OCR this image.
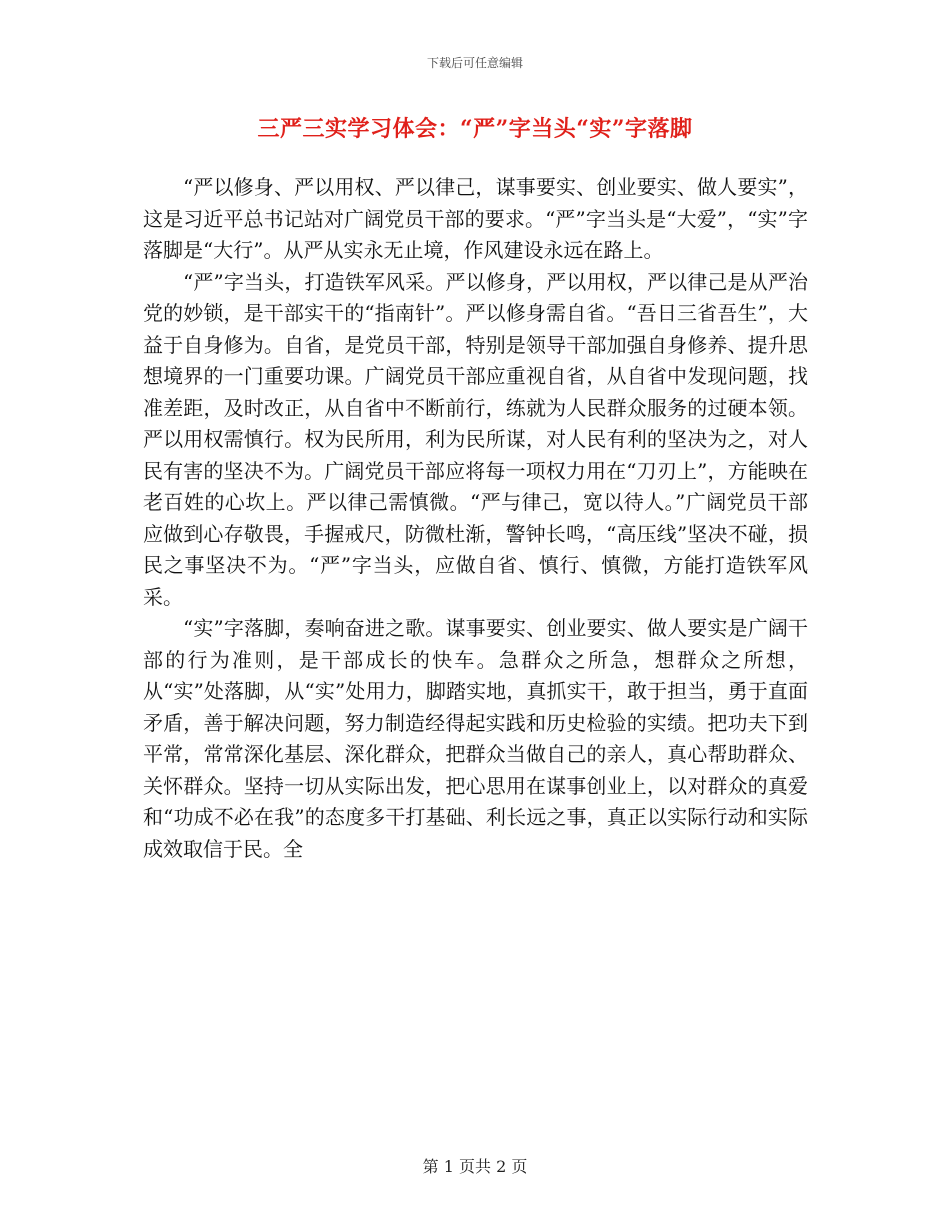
下载后可任意编辑
三严三实学习体会：“严”字当头“实”字落脚

“严以修身、严以用权、严以律己，谋事要实、创业要实、做人要实”，这是习近平总书记站对广阔党员干部的要求。“严”字当头是“大爱”，“实”字落脚是“大行”。从严从实永无止境，作风建设永远在路上。

“严”字当头，打造铁军风采。严以修身，严以用权，严以律己是从严治党的妙锁，是干部实干的“指南针”。严以修身需自省。“吾日三省吾生”，大益于自身修为。自省，是党员干部，特别是领导干部加强自身修养、提升思想境界的一门重要功课。广阔党员干部应重视自省，从自省中发现问题，找准差距，及时改正，从自省中不断前行，练就为人民群众服务的过硬本领。严以用权需慎行。权为民所用，利为民所谋，对人民有利的坚决为之，对人民有害的坚决不为。广阔党员干部应将每一项权力用在“刀刃上”，方能映在老百姓的心坎上。严以律己需慎微。“严与律己，宽以待人。”广阔党员干部应做到心存敬畏，手握戒尺，防微杜渐，警钟长鸣，“高压线”坚决不碰，损民之事坚决不为。“严”字当头，应做自省、慎行、慎微，方能打造铁军风采。

“实”字落脚，奏响奋进之歌。谋事要实、创业要实、做人要实是广阔干部的行为准则，是干部成长的快车。急群众之所急，想群众之所想，从“实”处落脚，从“实”处用力，脚踏实地，真抓实干，敢于担当，勇于直面矛盾，善于解决问题，努力制造经得起实践和历史检验的实绩。把功夫下到平常，常常深化基层、深化群众，把群众当做自己的亲人，真心帮助群众、关怀群众。坚持一切从实际出发，把心思用在谋事创业上，以对群众的真爱和“功成不必在我”的态度多干打基础、利长远之事，真正以实际行动和实际成效取信于民。全

第 1 页共 2 页
